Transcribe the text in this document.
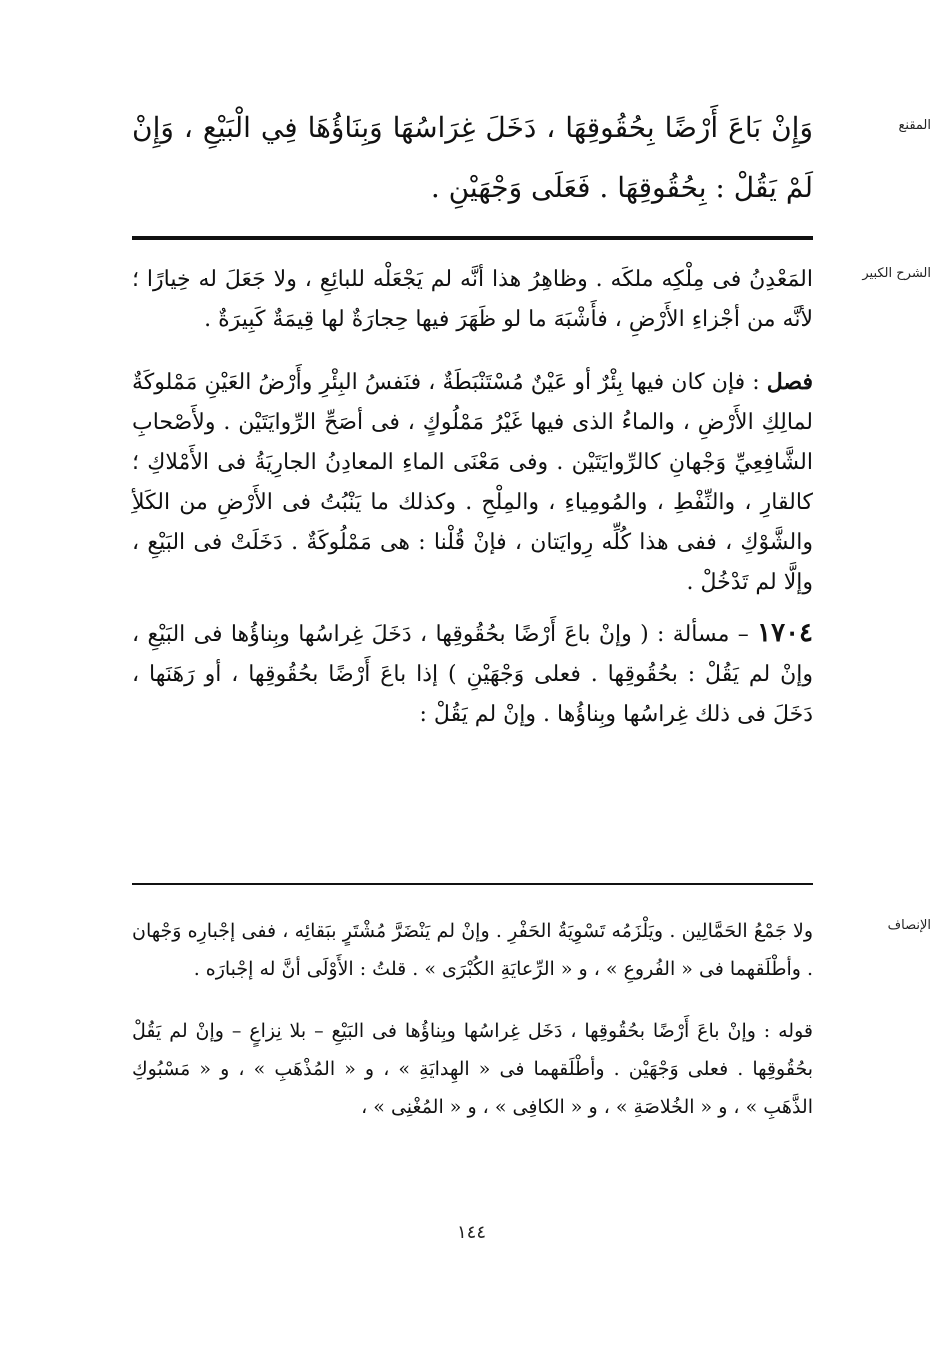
المقنع

وَإِنْ بَاعَ أَرْضًا بِحُقُوقِهَا ، دَخَلَ غِرَاسُهَا وَبِنَاؤُهَا فِي الْبَيْعِ ، وَإِنْ لَمْ يَقُلْ : بِحُقُوقِهَا . فَعَلَى وَجْهَيْنِ .

الشرح الكبير

المَعْدِنُ فى مِلْكِه ملكَه . وظاهِرُ هذا أنَّه لم يَجْعَلْه للبائِعِ ، ولا جَعَلَ له خِيارًا ؛ لأنَّه من أجْزاءِ الأَرْضِ ، فأَشْبَهَ ما لو ظَهَرَ فيها حِجارَةٌ لها قِيمَةٌ كَبِيرَةٌ .

فصل : فإن كان فيها بِئْرٌ أو عَيْنٌ مُسْتَنْبَطَةٌ ، فنَفسُ البِئْرِ وأَرْضُ العَيْنِ مَمْلوكَةٌ لمالِكِ الأَرْضِ ، والماءُ الذى فيها غَيْرُ مَمْلُوكٍ ، فى أصَحِّ الرِّوايَتَيْن . ولأَصْحابِ الشَّافِعِيِّ وَجْهانِ كالرِّوايَتَيْن . وفى مَعْنَى الماءِ المعادِنُ الجارِيَةُ فى الأَمْلاكِ ؛ كالقارِ ، والنِّفْطِ ، والمُومِياءِ ، والمِلْحِ . وكذلك ما يَنْبُتُ فى الأَرْضِ من الكَلأِ والشَّوْكِ ، ففى هذا كُلِّه رِوايَتان ، فإنْ قُلْنا : هى مَمْلُوكَةٌ . دَخَلَتْ فى البَيْعِ ، وإلَّا لم تَدْخُلْ .

١٧٠٤ – مسألة : ( وإنْ باعَ أَرْضًا بحُقُوقِها ، دَخَلَ غِراسُها وبِناؤُها فى البَيْعِ ، وإنْ لم يَقُلْ : بحُقُوقِها . فعلى وَجْهَيْنِ ) إذا باعَ أَرْضًا بحُقُوقِها ، أو رَهَنَها ، دَخَلَ فى ذلك غِراسُها وبِناؤُها . وإنْ لم يَقُلْ :

الإنصاف

ولا جَمْعُ الحَمَّالِين . ويَلْزَمُه تَسْوِيَةُ الحَفْرِ . وإنْ لم يَنْضَرَّ مُشْتَرٍ ببَقائِه ، ففى إجْبارِه وَجْهان . وأطْلَقهما فى « الفُروعِ » ، و « الرِّعايَةِ الكُبْرَى » . قلتُ : الأَوْلَى أنَّ له إجْبارَه .

قوله : وإنْ باعَ أَرْضًا بحُقُوقِها ، دَخَل غِراسُها وبِناؤُها فى البَيْعِ – بلا نِزاعٍ – وإنْ لم يَقُلْ بحُقُوقِها . فعلى وَجْهَيْن . وأطْلَقهما فى « الهِدايَةِ » ، و « المُذْهَبِ » ، و « مَسْبُوكِ الذَّهَبِ » ، و « الخُلاصَةِ » ، و « الكافِى » ، و « المُغْنِى » ،

١٤٤
